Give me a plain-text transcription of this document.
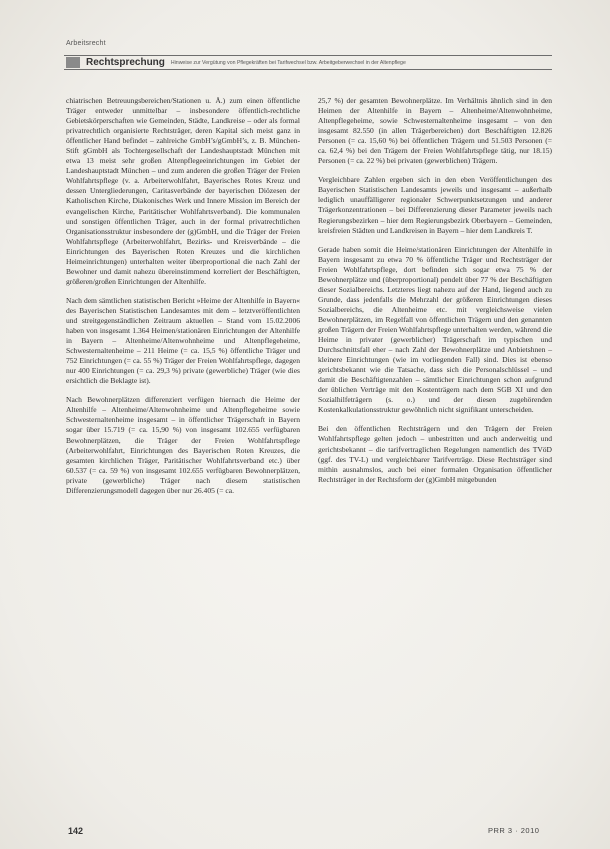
Arbeitsrecht
Rechtsprechung Hinweise zur Vergütung von Pflegekräften bei Tarifwechsel bzw. Arbeitgeberwechsel in der Altenpflege

chiatrischen Betreuungsbereichen/Stationen u. Ä.) zum einen öffentliche Träger entweder unmittelbar – insbesondere öffentlich-rechtliche Gebietskörperschaften wie Gemeinden, Städte, Landkreise – oder als formal privatrechtlich organisierte Rechtsträger, deren Kapital sich meist ganz in öffentlicher Hand befindet – zahlreiche GmbH’s/gGmbH’s, z. B. München-Stift gGmbH als Tochtergesellschaft der Landeshauptstadt München mit etwa 13 meist sehr großen Altenpflegeeinrichtungen im Gebiet der Landeshauptstadt München – und zum anderen die großen Träger der Freien Wohlfahrtspflege (v. a. Arbeiterwohlfahrt, Bayerisches Rotes Kreuz und dessen Untergliederungen, Caritasverbände der bayerischen Diözesen der Katholischen Kirche, Diakonisches Werk und Innere Mission im Bereich der evangelischen Kirche, Paritätischer Wohlfahrtsverband). Die kommunalen und sonstigen öffentlichen Träger, auch in der formal privatrechtlichen Organisationsstruktur insbesondere der (g)GmbH, und die Träger der Freien Wohlfahrtspflege (Arbeiterwohlfahrt, Bezirks- und Kreisverbände – die Einrichtungen des Bayerischen Roten Kreuzes und die kirchlichen Heimeinrichtungen) unterhalten weiter überproportional die nach Zahl der Bewohner und damit nahezu übereinstimmend korreliert der Beschäftigten, größeren/großen Einrichtungen der Altenhilfe.

Nach dem sämtlichen statistischen Bericht »Heime der Altenhilfe in Bayern« des Bayerischen Statistischen Landesamtes mit dem – letztveröffentlichten und streitgegenständlichen Zeitraum aktuellen – Stand vom 15.02.2006 haben von insgesamt 1.364 Heimen/stationären Einrichtungen der Altenhilfe in Bayern – Altenheime/Altenwohnheime und Altenpflegeheime, Schwesternaltenheime – 211 Heime (= ca. 15,5 %) öffentliche Träger und 752 Einrichtungen (= ca. 55 %) Träger der Freien Wohlfahrtspflege, dagegen nur 400 Einrichtungen (= ca. 29,3 %) private (gewerbliche) Träger (wie dies ersichtlich die Beklagte ist).

Nach Bewohnerplätzen differenziert verfügen hiernach die Heime der Altenhilfe – Altenheime/Altenwohnheime und Altenpflegeheime sowie Schwesternaltenheime insgesamt – in öffentlicher Trägerschaft in Bayern sogar über 15.719 (= ca. 15,90 %) von insgesamt 102.655 verfügbaren Bewohnerplätzen, die Träger der Freien Wohlfahrtspflege (Arbeiterwohlfahrt, Einrichtungen des Bayerischen Roten Kreuzes, die gesamten kirchlichen Träger, Paritätischer Wohlfahrtsverband etc.) über 60.537 (= ca. 59 %) von insgesamt 102.655 verfügbaren Bewohnerplätzen, private (gewerbliche) Träger nach diesem statistischen Differenzierungsmodell dagegen über nur 26.405 (= ca.

25,7 %) der gesamten Bewohnerplätze. Im Verhältnis ähnlich sind in den Heimen der Altenhilfe in Bayern – Altenheime/Altenwohnheime, Altenpflegeheime, sowie Schwesternaltenheime insgesamt – von den insgesamt 82.550 (in allen Trägerbereichen) dort Beschäftigten 12.826 Personen (= ca. 15,60 %) bei öffentlichen Trägern und 51.503 Personen (= ca. 62,4 %) bei den Trägern der Freien Wohlfahrtspflege tätig, nur 18.15) Personen (= ca. 22 %) bei privaten (gewerblichen) Trägern.

Vergleichbare Zahlen ergeben sich in den eben Veröffentlichungen des Bayerischen Statistischen Landesamts jeweils und insgesamt – außerhalb lediglich unauffälligerer regionaler Schwerpunktsetzungen und anderer Trägerkonzentrationen – bei Differenzierung dieser Parameter jeweils nach Regierungsbezirken – hier dem Regierungsbezirk Oberbayern – Gemeinden, kreisfreien Städten und Landkreisen in Bayern – hier dem Landkreis T.

Gerade haben somit die Heime/stationären Einrichtungen der Altenhilfe in Bayern insgesamt zu etwa 70 % öffentliche Träger und Rechtsträger der Freien Wohlfahrtspflege, dort befinden sich sogar etwa 75 % der Bewohnerplätze und (überproportional) pendelt über 77 % der Beschäftigten dieser Sozialbereichs. Letzteres liegt nahezu auf der Hand, liegend auch zu Grunde, dass jedenfalls die Mehrzahl der größeren Einrichtungen dieses Sozialbereichs, die Altenheime etc. mit vergleichsweise vielen Bewohnerplätzen, im Regelfall von öffentlichen Trägern und den genannten großen Trägern der Freien Wohlfahrtspflege unterhalten werden, während die Heime in privater (gewerblicher) Trägerschaft im typischen und Durchschnittsfall eher – nach Zahl der Bewohnerplätze und Anbietshnen – kleinere Einrichtungen (wie im vorliegenden Fall) sind. Dies ist ebenso gerichtsbekannt wie die Tatsache, dass sich die Personalschlüssel – und damit die Beschäftigtenzahlen – sämtlicher Einrichtungen schon aufgrund der üblichen Verträge mit den Kostenträgern nach dem SGB XI und den Sozialhilfeträgern (s. o.) und der diesen zugehörenden Kostenkalkulationsstruktur gewöhnlich nicht signifikant unterscheiden.

Bei den öffentlichen Rechtsträgern und den Trägern der Freien Wohlfahrtspflege gelten jedoch – unbestritten und auch anderweitig und gerichtsbekannt – die tarifvertraglichen Regelungen namentlich des TVöD (ggf. des TV-L) und vergleichbarer Tarifverträge. Diese Rechtsträger sind mithin ausnahmslos, auch bei einer formalen Organisation öffentlicher Rechtsträger in der Rechtsform der (g)GmbH mitgebunden

142	PRR 3 · 2010
